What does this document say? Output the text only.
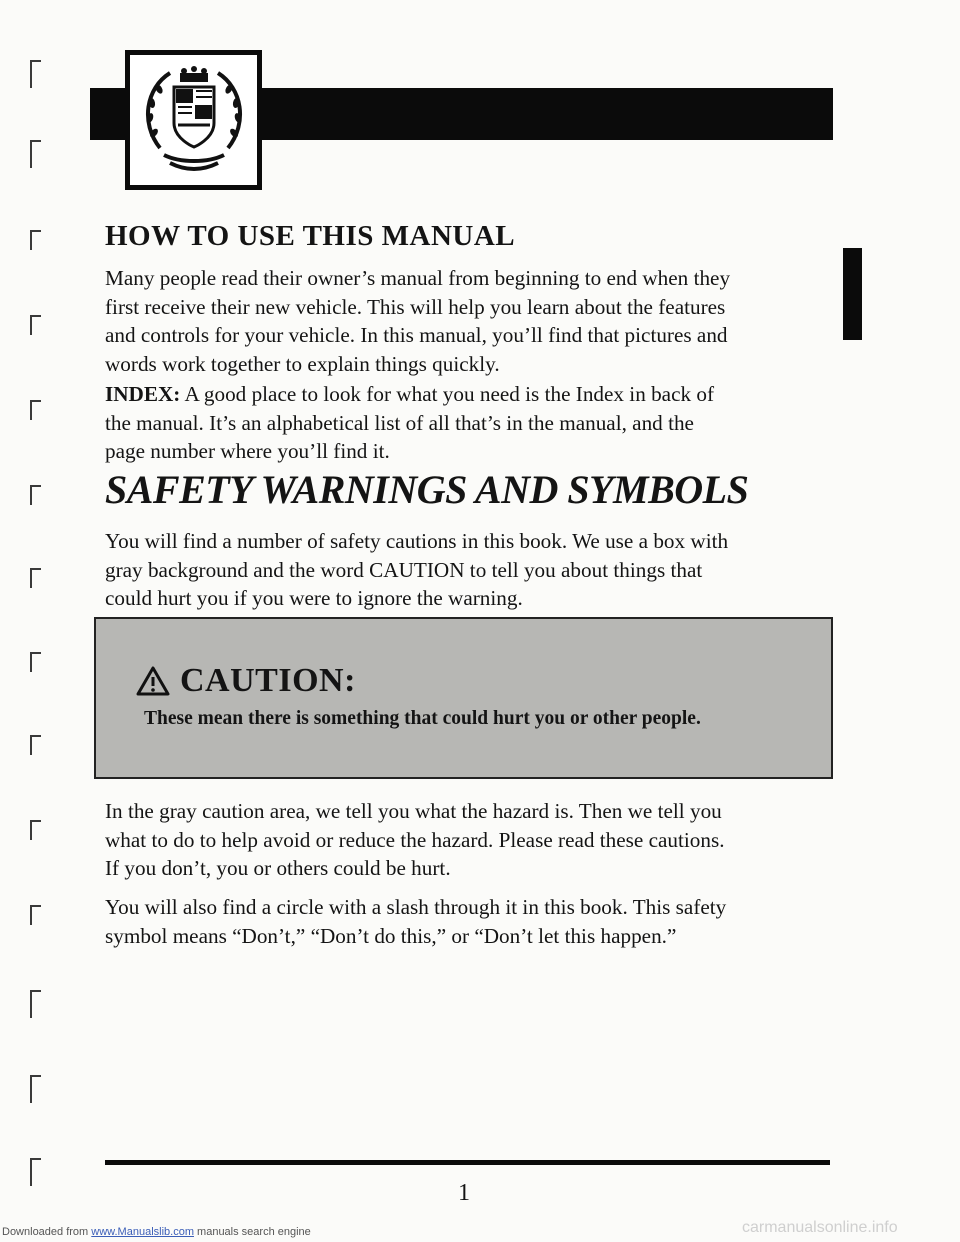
Downloaded from www.Manualslib.com manuals search engine
HOW TO USE THIS MANUAL
Many people read their owner’s manual from beginning to end when they
first receive their new vehicle. This will help you learn about the features
and controls for your vehicle. In this manual, you’ll find that pictures and
words work together to explain things quickly.
INDEX: A good place to look for what you need is the Index in back of
the manual. It’s an alphabetical list of all that’s in the manual, and the
page number where you’ll find it.
SAFETY WARNINGS AND SYMBOLS
You will find a number of safety cautions in this book. We use a box with
gray background and the word CAUTION to tell you about things that
could hurt you if you were to ignore the warning.
CAUTION:
These mean there is something that could hurt you or other people.
In the gray caution area, we tell you what the hazard is. Then we tell you
what to do to help avoid or reduce the hazard. Please read these cautions.
If you don’t, you or others could be hurt.
You will also find a circle with a slash through it in this book. This safety
symbol means “Don’t,” “Don’t do this,” or “Don’t let this happen.”
1
carmanualsonline.info
